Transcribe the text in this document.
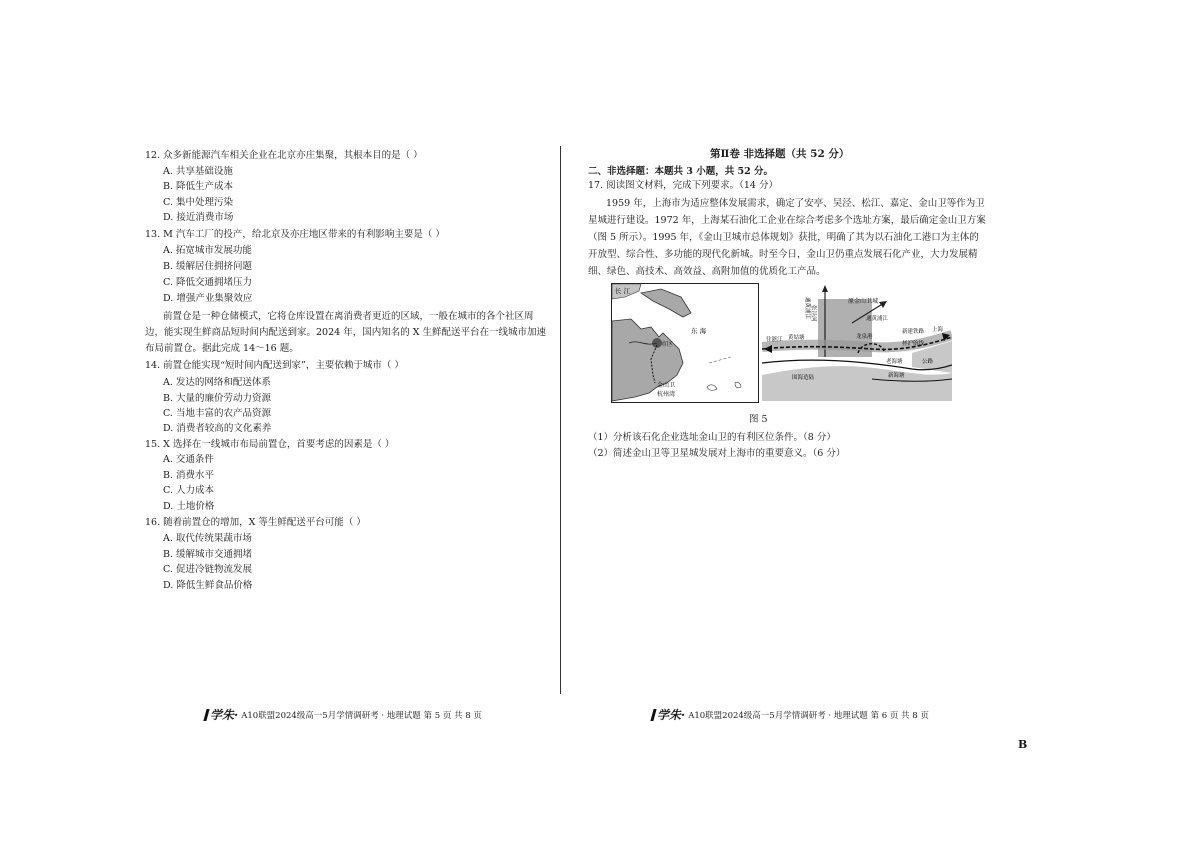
12. 众多新能源汽车相关企业在北京亦庄集聚，其根本目的是（ ）
A. 共享基础设施
B. 降低生产成本
C. 集中处理污染
D. 接近消费市场
13. M 汽车工厂的投产，给北京及亦庄地区带来的有利影响主要是（ ）
A. 拓宽城市发展功能
B. 缓解居住拥挤问题
C. 降低交通拥堵压力
D. 增强产业集聚效应
前置仓是一种仓储模式，它将仓库设置在离消费者更近的区域，一般在城市的各个社区周
边，能实现生鲜商品短时间内配送到家。2024 年，国内知名的 X 生鲜配送平台在一线城市加速
布局前置仓。据此完成 14～16 题。
14. 前置仓能实现“短时间内配送到家”，主要依赖于城市（ ）
A. 发达的网络和配送体系
B. 大量的廉价劳动力资源
C. 当地丰富的农产品资源
D. 消费者较高的文化素养
15. X 选择在一线城市布局前置仓，首要考虑的因素是（ ）
A. 交通条件
B. 消费水平
C. 人力成本
D. 土地价格
16. 随着前置仓的增加，X 等生鲜配送平台可能（ ）
A. 取代传统果蔬市场
B. 缓解城市交通拥堵
C. 促进冷链物流发展
D. 降低生鲜食品价格
学朱· A10联盟2024级高一5月学情调研考 · 地理试题 第 5 页 共 8 页
第Ⅱ卷 非选择题（共 52 分）
二、非选择题：本题共 3 小题，共 52 分。
17. 阅读图文材料，完成下列要求。（14 分）
1959 年，上海市为适应整体发展需求，确定了安亭、吴泾、松江、嘉定、金山卫等作为卫
星城进行建设。1972 年，上海某石油化工企业在综合考虑多个选址方案，最后确定金山卫方案
（图 5 所示）。1995 年，《金山卫城市总体规划》获批，明确了其为以石油化工港口为主体的
开放型、综合性、多功能的现代化新城。时至今日，金山卫仍重点发展石化产业，大力发展精
细、绿色、高技术、高效益、高附加值的优质化工产品。
长 江
东 海
市区
金山卫
杭州湾
通黄浦江 张泾河
原金山卫城
通黄浦江
黄姑塘
往浙江	龙泉港
新建铁路
拯沪航线
上海
公路
老海塘
新海塘
围海造陆
图 5
（1）分析该石化企业选址金山卫的有利区位条件。（8 分）
（2）简述金山卫等卫星城发展对上海市的重要意义。（6 分）
学朱· A10联盟2024级高一5月学情调研考 · 地理试题 第 6 页 共 8 页
B
